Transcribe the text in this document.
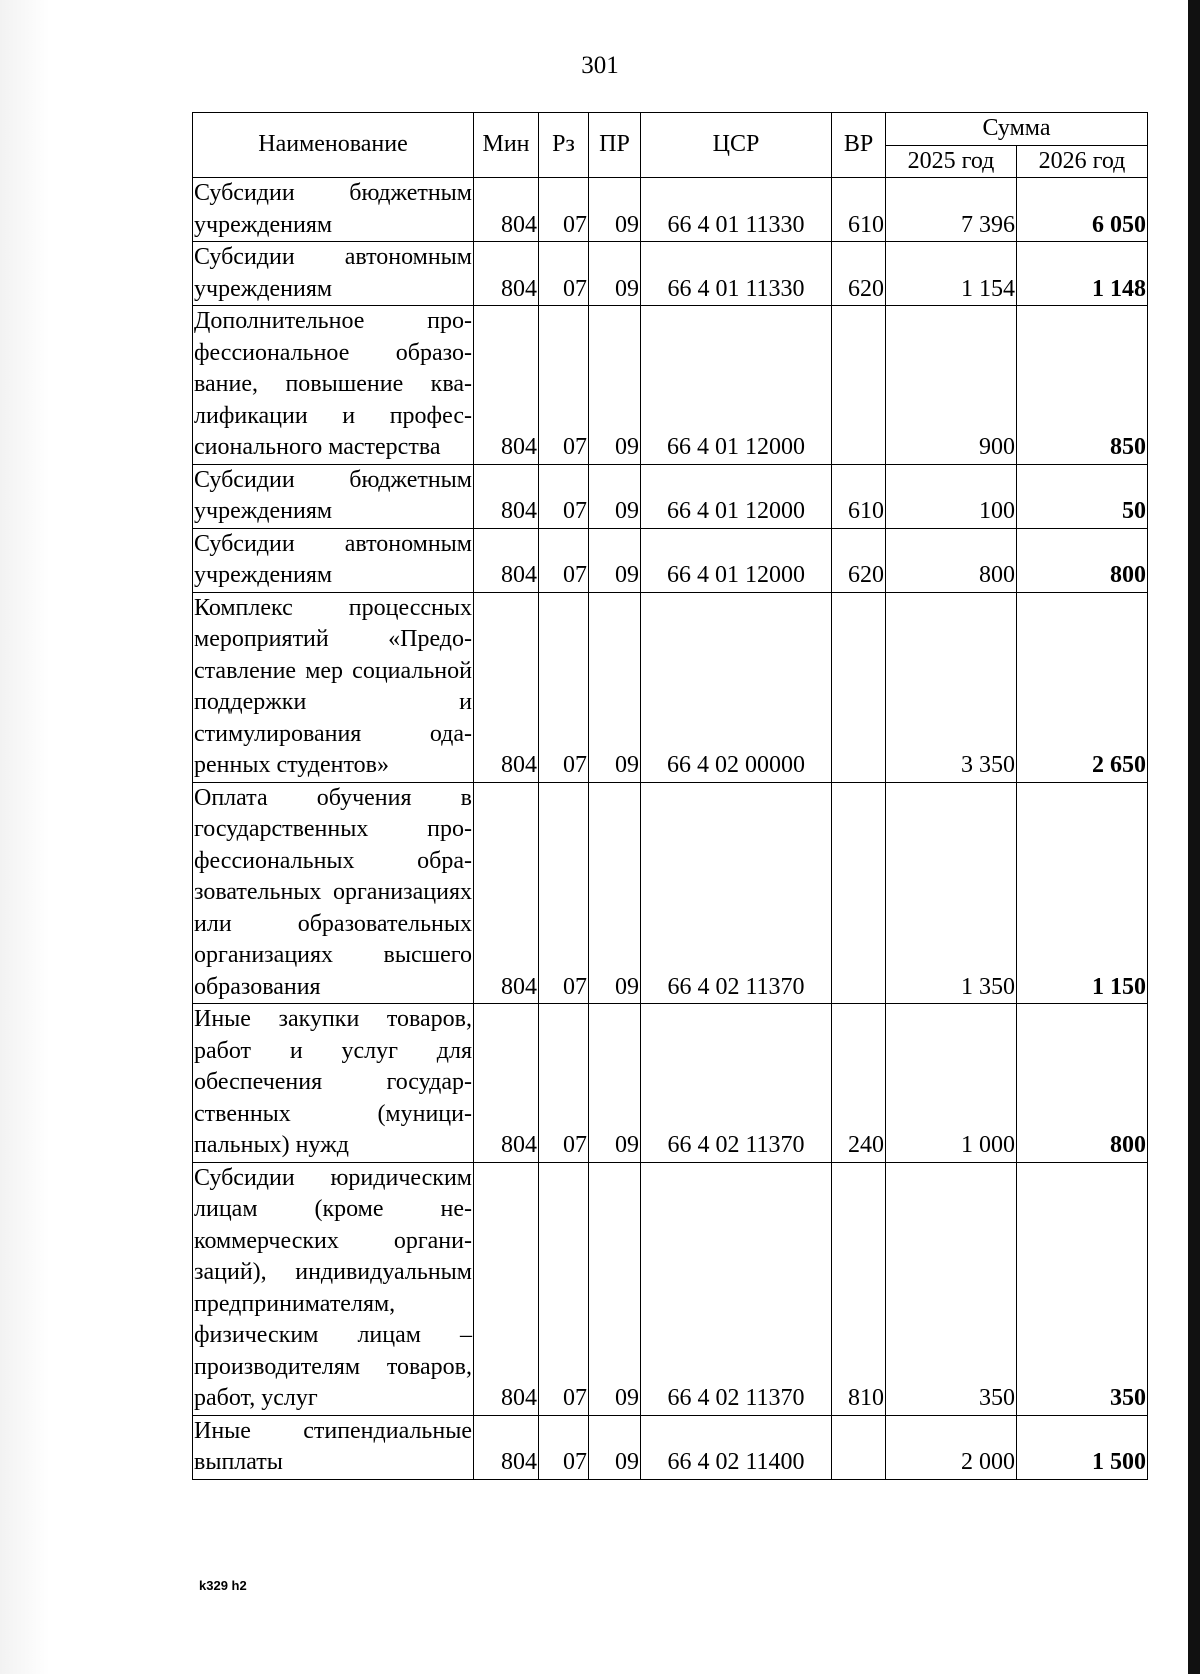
301
Наименование	Мин	Рз	ПР	ЦСР	ВР	Сумма	
						2025 год	2026 год
Субсидии бюджетным учреждениям	804	07	09	66 4 01 11330	610	7 396	6 050
Субсидии автономным учреждениям	804	07	09	66 4 01 11330	620	1 154	1 148
Дополнительное профессиональное образование, повышение квалификации и профессионального мастерства	804	07	09	66 4 01 12000		900	850
Субсидии бюджетным учреждениям	804	07	09	66 4 01 12000	610	100	50
Субсидии автономным учреждениям	804	07	09	66 4 01 12000	620	800	800
Комплекс процессных мероприятий «Предоставление мер социальной поддержки и стимулирования одаренных студентов»	804	07	09	66 4 02 00000		3 350	2 650
Оплата обучения в государственных профессиональных образовательных организациях или образовательных организациях высшего образования	804	07	09	66 4 02 11370		1 350	1 150
Иные закупки товаров, работ и услуг для обеспечения государственных (муниципальных) нужд	804	07	09	66 4 02 11370	240	1 000	800
Субсидии юридическим лицам (кроме некоммерческих организаций), индивидуальным предпринимателям, физическим лицам – производителям товаров, работ, услуг	804	07	09	66 4 02 11370	810	350	350
Иные стипендиальные выплаты	804	07	09	66 4 02 11400		2 000	1 500
k329 h2
